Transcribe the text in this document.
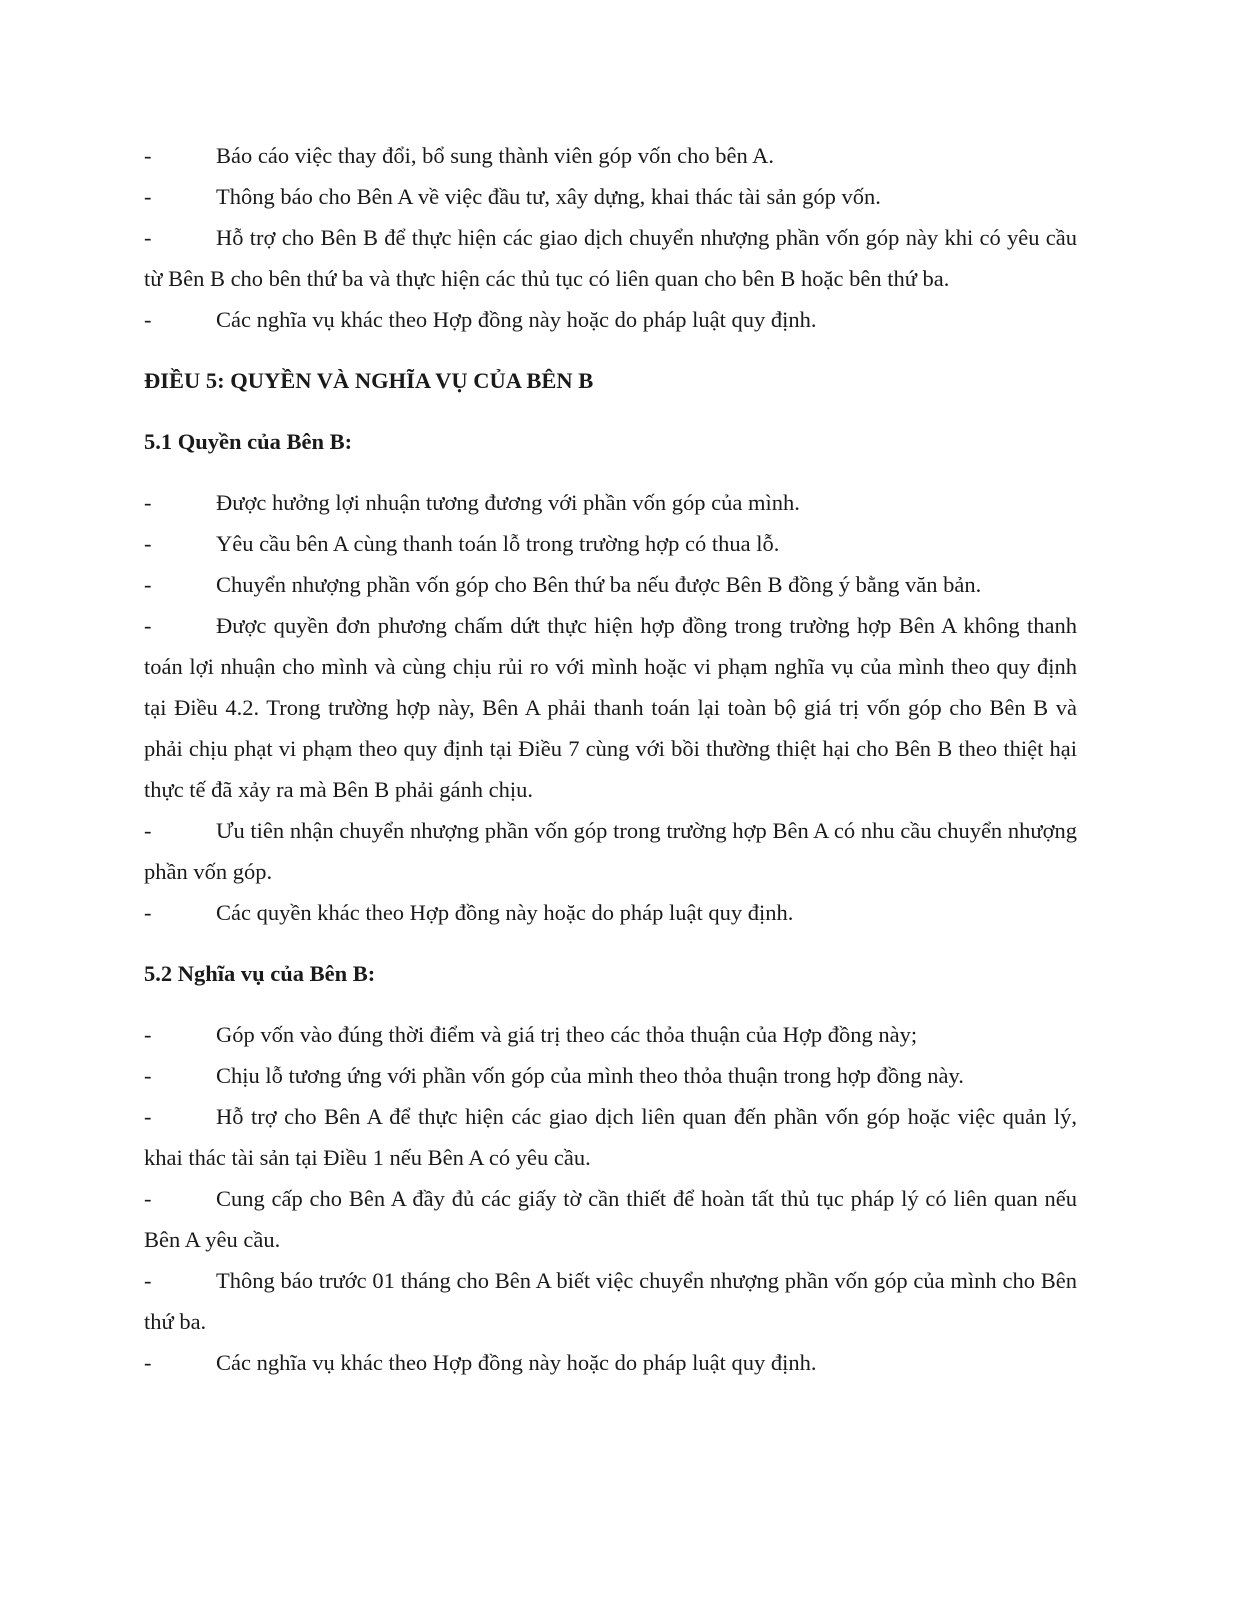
-	Báo cáo việc thay đổi, bổ sung thành viên góp vốn cho bên A.
-	Thông báo cho Bên A về việc đầu tư, xây dựng, khai thác tài sản góp vốn.
-	Hỗ trợ cho Bên B để thực hiện các giao dịch chuyển nhượng phần vốn góp này khi có yêu cầu từ Bên B cho bên thứ ba và thực hiện các thủ tục có liên quan cho bên B hoặc bên thứ ba.
-	Các nghĩa vụ khác theo Hợp đồng này hoặc do pháp luật quy định.
ĐIỀU 5: QUYỀN VÀ NGHĨA VỤ CỦA BÊN B
5.1 Quyền của Bên B:
-	Được hưởng lợi nhuận tương đương với phần vốn góp của mình.
-	Yêu cầu bên A cùng thanh toán lỗ trong trường hợp có thua lỗ.
-	Chuyển nhượng phần vốn góp cho Bên thứ ba nếu được Bên B đồng ý bằng văn bản.
-	Được quyền đơn phương chấm dứt thực hiện hợp đồng trong trường hợp Bên A không thanh toán lợi nhuận cho mình và cùng chịu rủi ro với mình hoặc vi phạm nghĩa vụ của mình theo quy định tại Điều 4.2. Trong trường hợp này, Bên A phải thanh toán lại toàn bộ giá trị vốn góp cho Bên B và phải chịu phạt vi phạm theo quy định tại Điều 7 cùng với bồi thường thiệt hại cho Bên B theo thiệt hại thực tế đã xảy ra mà Bên B phải gánh chịu.
-	Ưu tiên nhận chuyển nhượng phần vốn góp trong trường hợp Bên A có nhu cầu chuyển nhượng phần vốn góp.
-	Các quyền khác theo Hợp đồng này hoặc do pháp luật quy định.
5.2 Nghĩa vụ của Bên B:
-	Góp vốn vào đúng thời điểm và giá trị theo các thỏa thuận của Hợp đồng này;
-	Chịu lỗ tương ứng với phần vốn góp của mình theo thỏa thuận trong hợp đồng này.
-	Hỗ trợ cho Bên A để thực hiện các giao dịch liên quan đến phần vốn góp hoặc việc quản lý, khai thác tài sản tại Điều 1 nếu Bên A có yêu cầu.
-	Cung cấp cho Bên A đầy đủ các giấy tờ cần thiết để hoàn tất thủ tục pháp lý có liên quan nếu Bên A yêu cầu.
-	Thông báo trước 01 tháng cho Bên A biết việc chuyển nhượng phần vốn góp của mình cho Bên thứ ba.
-	Các nghĩa vụ khác theo Hợp đồng này hoặc do pháp luật quy định.
